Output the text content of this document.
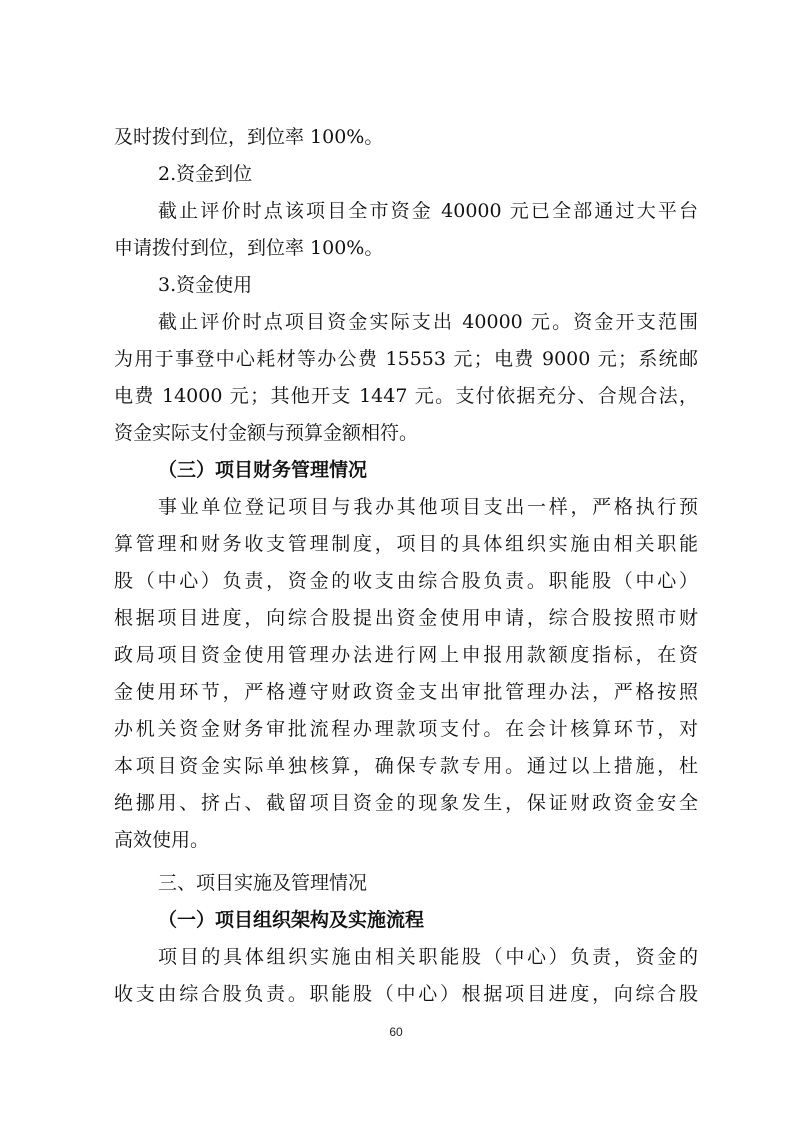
及时拨付到位，到位率 100%。
2.资金到位
截止评价时点该项目全市资金 40000 元已全部通过大平台
申请拨付到位，到位率 100%。
3.资金使用
截止评价时点项目资金实际支出 40000 元。资金开支范围
为用于事登中心耗材等办公费 15553 元；电费 9000 元；系统邮
电费 14000 元；其他开支 1447 元。支付依据充分、合规合法，
资金实际支付金额与预算金额相符。
（三）项目财务管理情况
事业单位登记项目与我办其他项目支出一样，严格执行预
算管理和财务收支管理制度，项目的具体组织实施由相关职能
股（中心）负责，资金的收支由综合股负责。职能股（中心）
根据项目进度，向综合股提出资金使用申请，综合股按照市财
政局项目资金使用管理办法进行网上申报用款额度指标，在资
金使用环节，严格遵守财政资金支出审批管理办法，严格按照
办机关资金财务审批流程办理款项支付。在会计核算环节，对
本项目资金实际单独核算，确保专款专用。通过以上措施，杜
绝挪用、挤占、截留项目资金的现象发生，保证财政资金安全
高效使用。
三、项目实施及管理情况
（一）项目组织架构及实施流程
项目的具体组织实施由相关职能股（中心）负责，资金的
收支由综合股负责。职能股（中心）根据项目进度，向综合股
60
